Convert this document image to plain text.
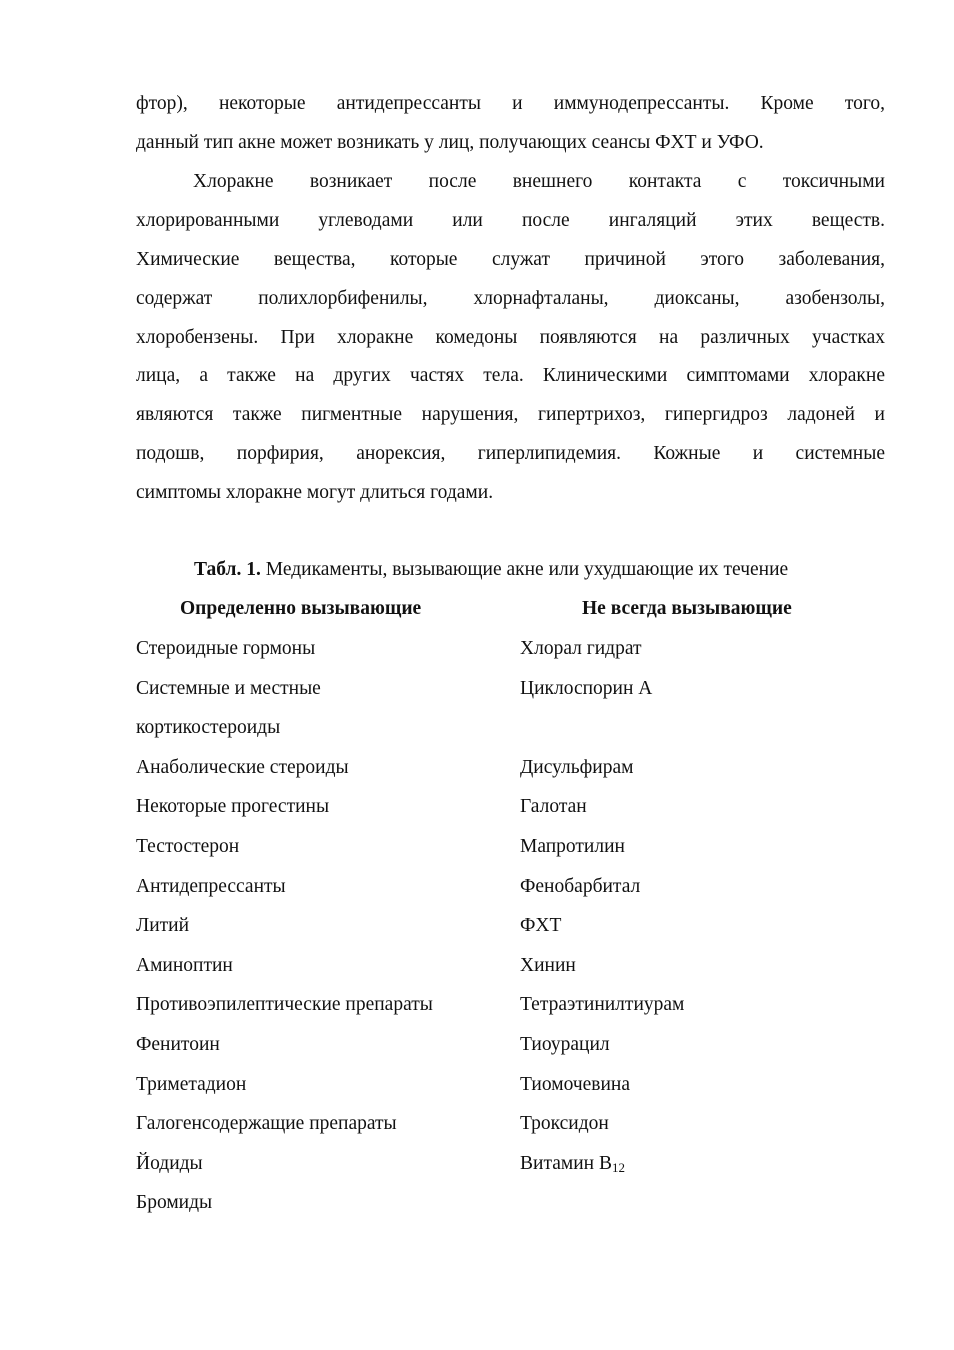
фтор), некоторые антидепрессанты и иммунодепрессанты. Кроме того,
данный тип акне может возникать у лиц, получающих сеансы ФХТ и УФО.
Хлоракне возникает после внешнего контакта с токсичными
хлорированными углеводами или после ингаляций этих веществ.
Химические вещества, которые служат причиной этого заболевания,
содержат полихлорбифенилы, хлорнафталаны, диоксаны, азобензолы,
хлоробензены. При хлоракне комедоны появляются на различных участках
лица, а также на других частях тела. Клиническими симптомами хлоракне
являются также пигментные нарушения, гипертрихоз, гипергидроз ладоней и
подошв, порфирия, анорексия, гиперлипидемия. Кожные и системные
симптомы хлоракне могут длиться годами.
Табл. 1. Медикаменты, вызывающие акне или ухудшающие их течение
Определенно вызывающие	Не всегда вызывающие
Стероидные гормоны
Системные и местные кортикостероиды
Анаболические стероиды
Некоторые прогестины
Тестостерон
Антидепрессанты
Литий
Аминоптин
Противоэпилептические препараты
Фенитоин
Триметадион
Галогенсодержащие препараты
Йодиды
Бромиды
Хлорал гидрат
Циклоспорин А
Дисульфирам
Галотан
Мапротилин
Фенобарбитал
ФХТ
Хинин
Тетраэтинилтиурам
Тиоурацил
Тиомочевина
Троксидон
Витамин $B_{12}$
